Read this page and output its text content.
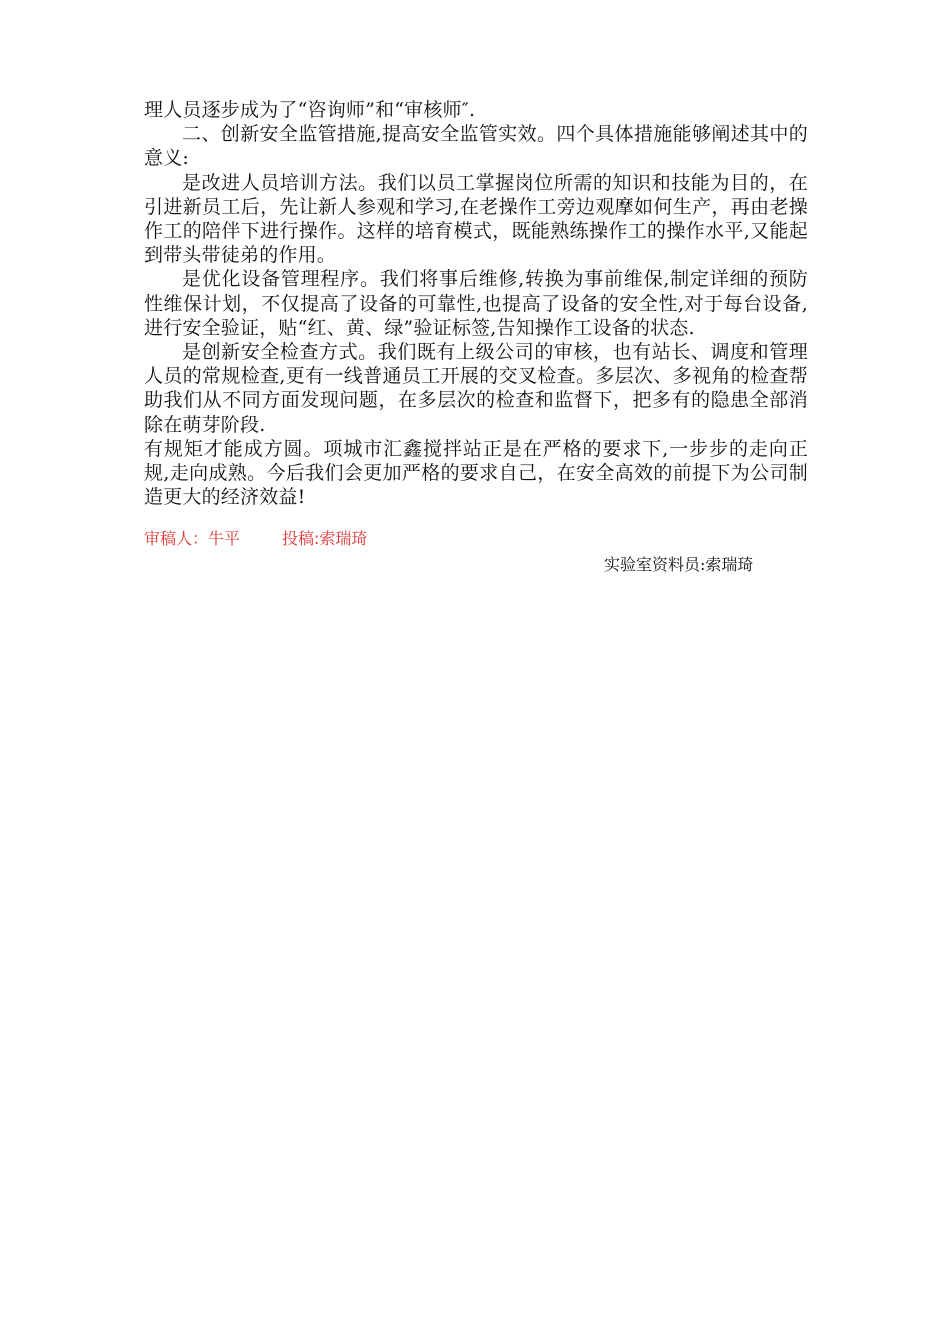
理人员逐步成为了“咨询师”和“审核师″.

二、创新安全监管措施,提高安全监管实效。四个具体措施能够阐述其中的意义:

是改进人员培训方法。我们以员工掌握岗位所需的知识和技能为目的，在引进新员工后，先让新人参观和学习,在老操作工旁边观摩如何生产，再由老操作工的陪伴下进行操作。这样的培育模式，既能熟练操作工的操作水平,又能起到带头带徒弟的作用。

是优化设备管理程序。我们将事后维修,转换为事前维保,制定详细的预防性维保计划，不仅提高了设备的可靠性,也提高了设备的安全性,对于每台设备,进行安全验证，贴“红、黄、绿”验证标签,告知操作工设备的状态.

是创新安全检查方式。我们既有上级公司的审核，也有站长、调度和管理人员的常规检查,更有一线普通员工开展的交叉检查。多层次、多视角的检查帮助我们从不同方面发现问题，在多层次的检查和监督下，把多有的隐患全部消除在萌芽阶段.

有规矩才能成方圆。项城市汇鑫搅拌站正是在严格的要求下,一步步的走向正规,走向成熟。今后我们会更加严格的要求自己，在安全高效的前提下为公司制造更大的经济效益!

审稿人：牛平	投稿:索瑞琦
实验室资料员:索瑞琦
